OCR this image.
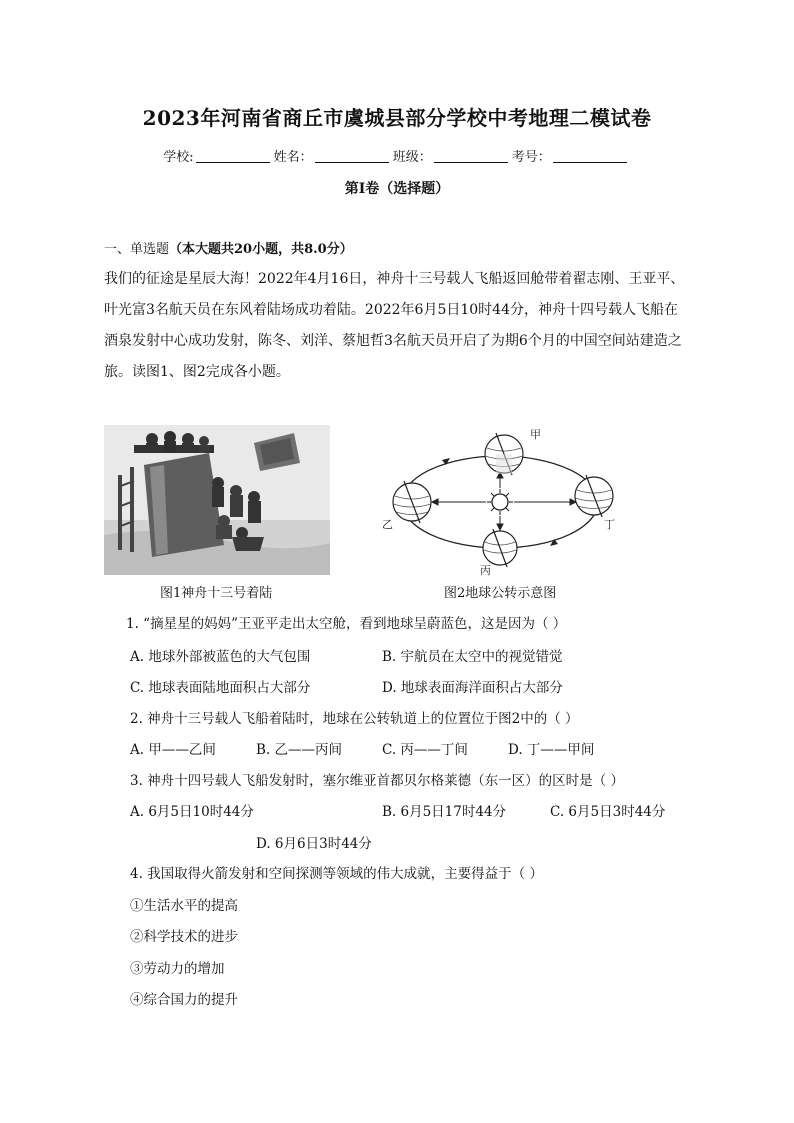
2023年河南省商丘市虞城县部分学校中考地理二模试卷
学校:	姓名：	班级：	考号：
第I卷（选择题）
一、单选题（本大题共20小题，共8.0分）
我们的征途是星辰大海！2022年4月16日，神舟十三号载人飞船返回舱带着翟志刚、王亚平、
叶光富3名航天员在东风着陆场成功着陆。2022年6月5日10时44分，神舟十四号载人飞船在
酒泉发射中心成功发射，陈冬、刘洋、蔡旭哲3名航天员开启了为期6个月的中国空间站建造之
旅。读图1、图2完成各小题。
甲
乙
丙
丁
图1神舟十三号着陆	图2地球公转示意图
1. “摘星星的妈妈”王亚平走出太空舱，看到地球呈蔚蓝色，这是因为（ ）
A. 地球外部被蓝色的大气包围	B. 宇航员在太空中的视觉错觉
C. 地球表面陆地面积占大部分	D. 地球表面海洋面积占大部分
2. 神舟十三号载人飞船着陆时，地球在公转轨道上的位置位于图2中的（ ）
A. 甲——乙间	B. 乙——丙间	C. 丙——丁间	D. 丁——甲间
3. 神舟十四号载人飞船发射时，塞尔维亚首都贝尔格莱德（东一区）的区时是（ ）
A. 6月5日10时44分	B. 6月5日17时44分	C. 6月5日3时44分
D. 6月6日3时44分
4. 我国取得火箭发射和空间探测等领域的伟大成就，主要得益于（ ）
①生活水平的提高
②科学技术的进步
③劳动力的增加
④综合国力的提升
